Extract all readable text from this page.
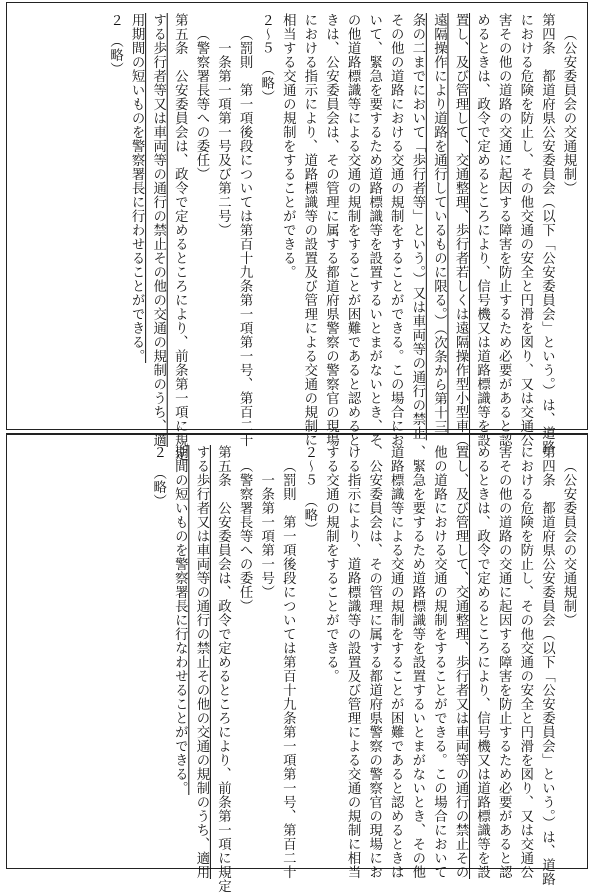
（公安委員会の交通規制）
第四条　都道府県公安委員会（以下「公安委員会」という。）は、道路
における危険を防止し、その他交通の安全と円滑を図り、又は交通公
害その他の道路の交通に起因する障害を防止するため必要があると認
めるときは、政令で定めるところにより、信号機又は道路標識等を設
置し、及び管理して、交通整理、歩行者若しくは遠隔操作型小型車（
遠隔操作により道路を通行しているものに限る。）（次条から第十三
条の二までにおいて「歩行者等」という。）又は車両等の通行の禁止
その他の道路における交通の規制をすることができる。この場合にお
いて、緊急を要するため道路標識等を設置するいとまがないとき、そ
の他道路標識等による交通の規制をすることが困難であると認めると
きは、公安委員会は、その管理に属する都道府県警察の警察官の現場
における指示により、道路標識等の設置及び管理による交通の規制に
相当する交通の規制をすることができる。
２～５　（略）
（罰則　第一項後段については第百十九条第一項第一号、第百二十
一条第一項第一号及び第二号）
（警察署長等への委任）
第五条　公安委員会は、政令で定めるところにより、前条第一項に規定
する歩行者等又は車両等の通行の禁止その他の交通の規制のうち、適
用期間の短いものを警察署長に行わせることができる。
２　（略）
（公安委員会の交通規制）
第四条　都道府県公安委員会（以下「公安委員会」という。）は、道路
における危険を防止し、その他交通の安全と円滑を図り、又は交通公
害その他の道路の交通に起因する障害を防止するため必要があると認
めるときは、政令で定めるところにより、信号機又は道路標識等を設
置し、及び管理して、交通整理、歩行者又は車両等の通行の禁止その
他の道路における交通の規制をすることができる。この場合において
、緊急を要するため道路標識等を設置するいとまがないとき、その他
道路標識等による交通の規制をすることが困難であると認めるときは
、公安委員会は、その管理に属する都道府県警察の警察官の現場にお
ける指示により、道路標識等の設置及び管理による交通の規制に相当
する交通の規制をすることができる。
２～５　（略）
（罰則　第一項後段については第百十九条第一項第一号、第百二十
一条第一項第一号）
（警察署長等への委任）
第五条　公安委員会は、政令で定めるところにより、前条第一項に規定
する歩行者又は車両等の通行の禁止その他の交通の規制のうち、適用
期間の短いものを警察署長に行なわせることができる。
２　（略）
